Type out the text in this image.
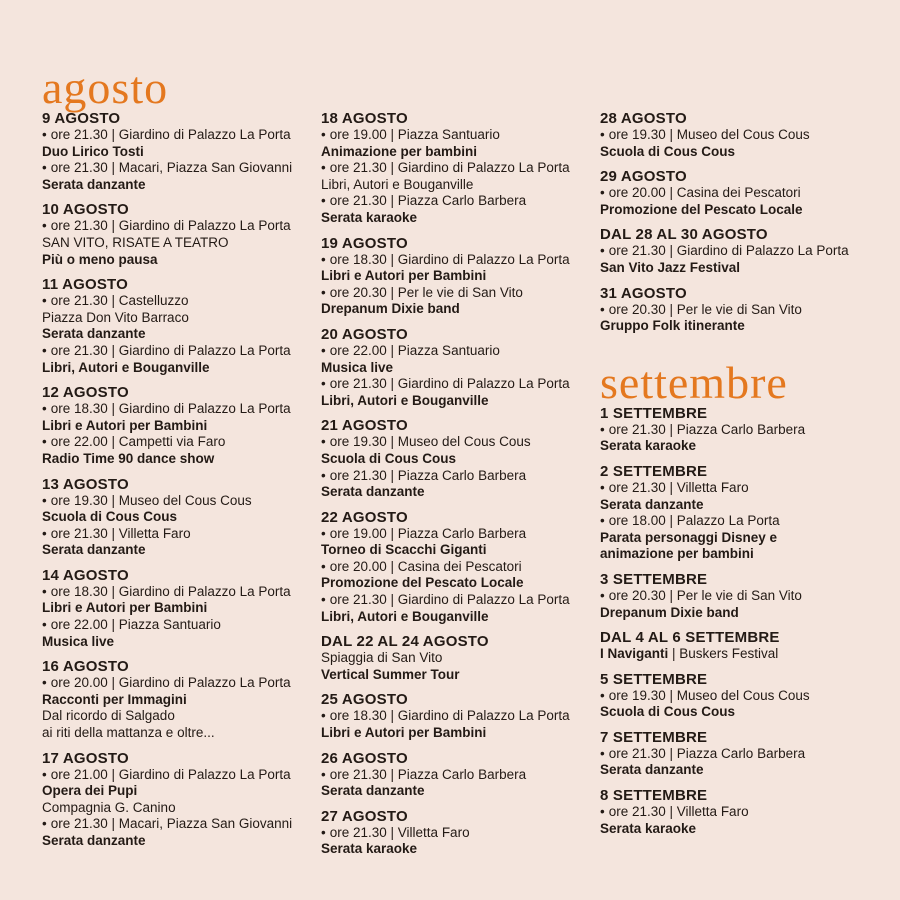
agosto
9 AGOSTO
• ore 21.30 | Giardino di Palazzo La Porta
Duo Lirico Tosti
• ore 21.30 | Macari, Piazza San Giovanni
Serata danzante
10 AGOSTO
• ore 21.30 | Giardino di Palazzo La Porta
SAN VITO, RISATE A TEATRO
Più o meno pausa
11 AGOSTO
• ore 21.30 | Castelluzzo
Piazza Don Vito Barraco
Serata danzante
• ore 21.30 | Giardino di Palazzo La Porta
Libri, Autori e Bouganville
12 AGOSTO
• ore 18.30 | Giardino di Palazzo La Porta
Libri e Autori per Bambini
• ore 22.00 | Campetti via Faro
Radio Time 90 dance show
13 AGOSTO
• ore 19.30 | Museo del Cous Cous
Scuola di Cous Cous
• ore 21.30 | Villetta Faro
Serata danzante
14 AGOSTO
• ore 18.30 | Giardino di Palazzo La Porta
Libri e Autori per Bambini
• ore 22.00 | Piazza Santuario
Musica live
16 AGOSTO
• ore 20.00 | Giardino di Palazzo La Porta
Racconti per Immagini
Dal ricordo di Salgado
ai riti della mattanza e oltre...
17 AGOSTO
• ore 21.00 | Giardino di Palazzo La Porta
Opera dei Pupi
Compagnia G. Canino
• ore 21.30 | Macari, Piazza San Giovanni
Serata danzante
18 AGOSTO
• ore 19.00 | Piazza Santuario
Animazione per bambini
• ore 21.30 | Giardino di Palazzo La Porta
Libri, Autori e Bouganville
• ore 21.30 | Piazza Carlo Barbera
Serata karaoke
19 AGOSTO
• ore 18.30 | Giardino di Palazzo La Porta
Libri e Autori per Bambini
• ore 20.30 | Per le vie di San Vito
Drepanum Dixie band
20 AGOSTO
• ore 22.00 | Piazza Santuario
Musica live
• ore 21.30 | Giardino di Palazzo La Porta
Libri, Autori e Bouganville
21 AGOSTO
• ore 19.30 | Museo del Cous Cous
Scuola di Cous Cous
• ore 21.30 | Piazza Carlo Barbera
Serata danzante
22 AGOSTO
• ore 19.00 | Piazza Carlo Barbera
Torneo di Scacchi Giganti
• ore 20.00 | Casina dei Pescatori
Promozione del Pescato Locale
• ore 21.30 | Giardino di Palazzo La Porta
Libri, Autori e Bouganville
DAL 22 AL 24 AGOSTO
Spiaggia di San Vito
Vertical Summer Tour
25 AGOSTO
• ore 18.30 | Giardino di Palazzo La Porta
Libri e Autori per Bambini
26 AGOSTO
• ore 21.30 | Piazza Carlo Barbera
Serata danzante
27 AGOSTO
• ore 21.30 | Villetta Faro
Serata karaoke
28 AGOSTO
• ore 19.30 | Museo del Cous Cous
Scuola di Cous Cous
29 AGOSTO
• ore 20.00 | Casina dei Pescatori
Promozione del Pescato Locale
DAL 28 AL 30 AGOSTO
• ore 21.30 | Giardino di Palazzo La Porta
San Vito Jazz Festival
31 AGOSTO
• ore 20.30 | Per le vie di San Vito
Gruppo Folk itinerante
settembre
1 SETTEMBRE
• ore 21.30 | Piazza Carlo Barbera
Serata karaoke
2 SETTEMBRE
• ore 21.30 | Villetta Faro
Serata danzante
• ore 18.00 | Palazzo La Porta
Parata personaggi Disney e
animazione per bambini
3 SETTEMBRE
• ore 20.30 | Per le vie di San Vito
Drepanum Dixie band
DAL 4 AL 6 SETTEMBRE
I Naviganti | Buskers Festival
5 SETTEMBRE
• ore 19.30 | Museo del Cous Cous
Scuola di Cous Cous
7 SETTEMBRE
• ore 21.30 | Piazza Carlo Barbera
Serata danzante
8 SETTEMBRE
• ore 21.30 | Villetta Faro
Serata karaoke
